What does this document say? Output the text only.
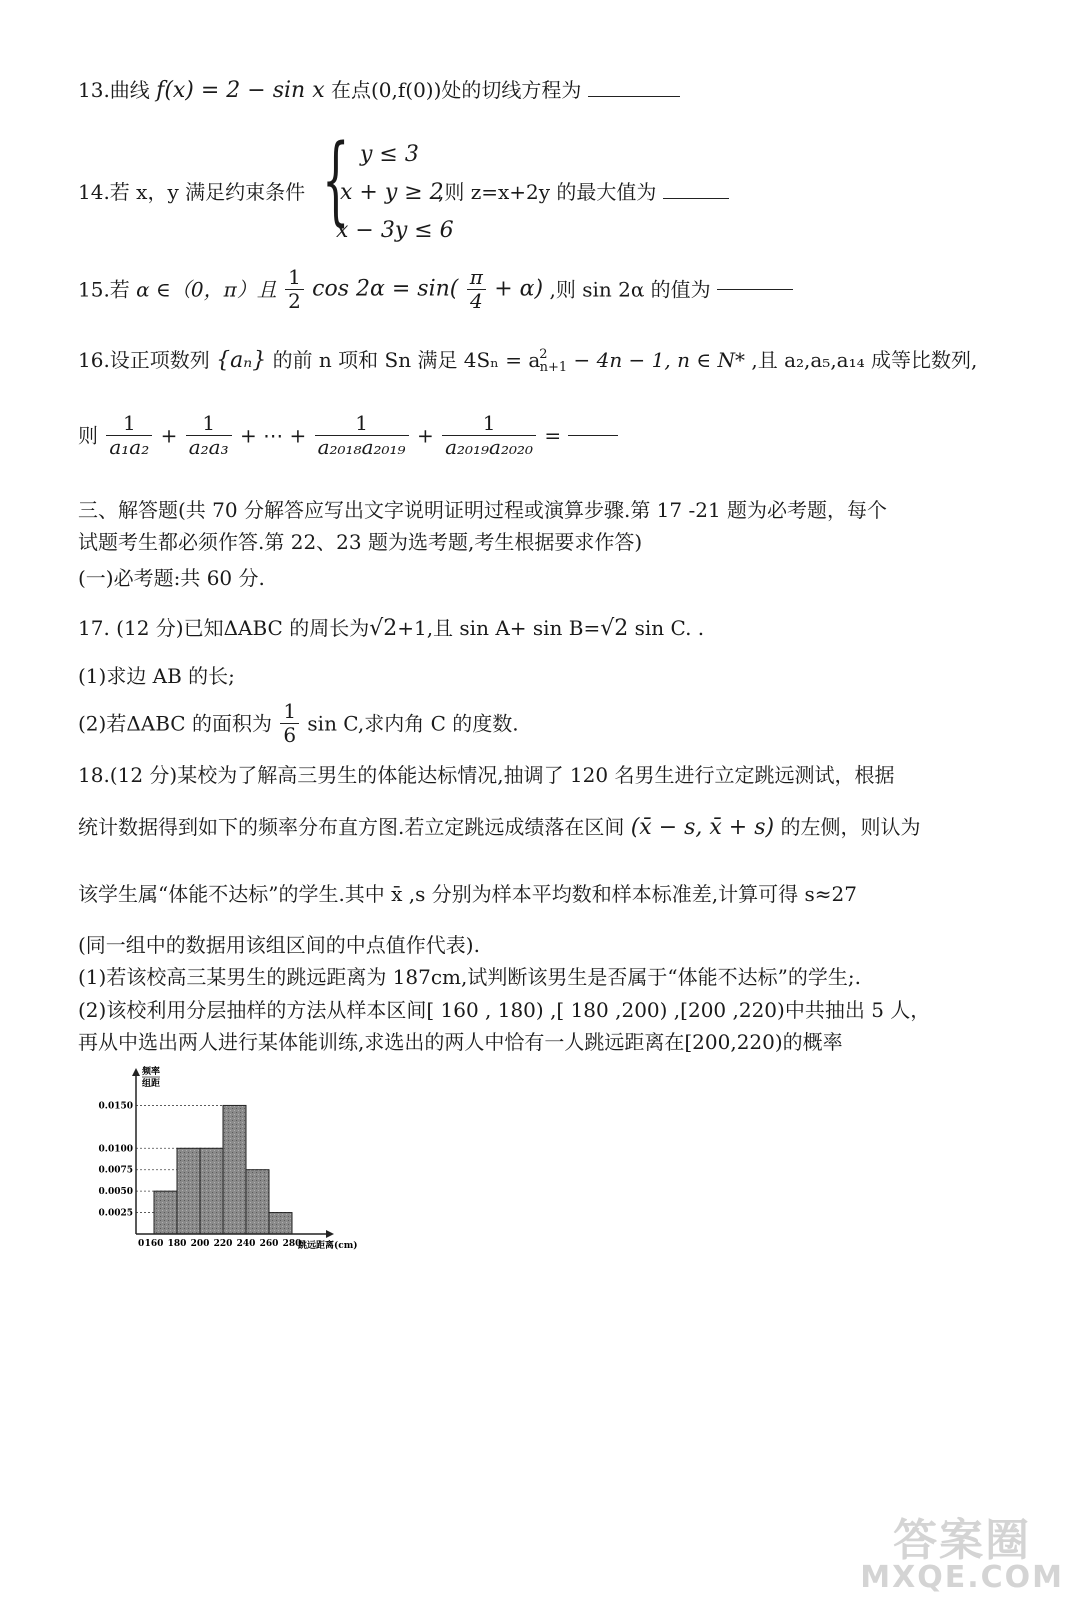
13.曲线 f(x) = 2 − sin x 在点(0,f(0))处的切线方程为
14.若 x，y 满足约束条件 { y ≤ 3
x + y ≥ 2
x − 3y ≤ 6
,则 z=x+2y 的最大值为
15.若 α ∈（0，π）且 $\frac{1}{2}$ $\cos 2\alpha = \sin( \frac{\pi}{4} + \alpha)$ ,则 sin 2α 的值为
16.设正项数列 {aₙ} 的前 n 项和 Sn 满足 $4S_n = a^2_{n+1} - 4n - 1$, n ∈ N* ,且 a₂,a₅,a₁₄ 成等比数列,
则 $\frac{1}{\text{a₁a₂}} + \frac{1}{\text{a₂a₃}}$ + ⋯ + $\frac{1}{\text{a₂₀₁₈a₂₀₁₉}} + \frac{1}{\text{a₂₀₁₉a₂₀₂₀}}$ =
三、解答题(共 70 分解答应写出文字说明证明过程或演算步骤.第 17 -21 题为必考题，每个
试题考生都必须作答.第 22、23 题为选考题,考生根据要求作答)
(一)必考题:共 60 分.
17. (12 分)已知ΔABC 的周长为√2+1,且 sin A+ sin B=√2 sin C. .
(1)求边 AB 的长;
(2)若ΔABC 的面积为 $\frac{1}{6}$ sin C,求内角 C 的度数.
18.(12 分)某校为了解高三男生的体能达标情况,抽调了 120 名男生进行立定跳远测试，根据
统计数据得到如下的频率分布直方图.若立定跳远成绩落在区间 (x̄ − s, x̄ + s) 的左侧，则认为
该学生属“体能不达标”的学生.其中 x̄ ,s 分别为样本平均数和样本标准差,计算可得 s≈27
(同一组中的数据用该组区间的中点值作代表).
(1)若该校高三某男生的跳远距离为 187cm,试判断该男生是否属于“体能不达标”的学生;.
(2)该校利用分层抽样的方法从样本区间[ 160 , 180) ,[ 180 ,200) ,[200 ,220)中共抽出 5 人，
再从中选出两人进行某体能训练,求选出的两人中恰有一人跳远距离在[200,220)的概率
频率
组距
0.0150
0.0100
0.0075
0.0050
0.0025
160 180 200 220 240 260 280
0	跳远距离(cm)
答案圈
MXQE.COM
